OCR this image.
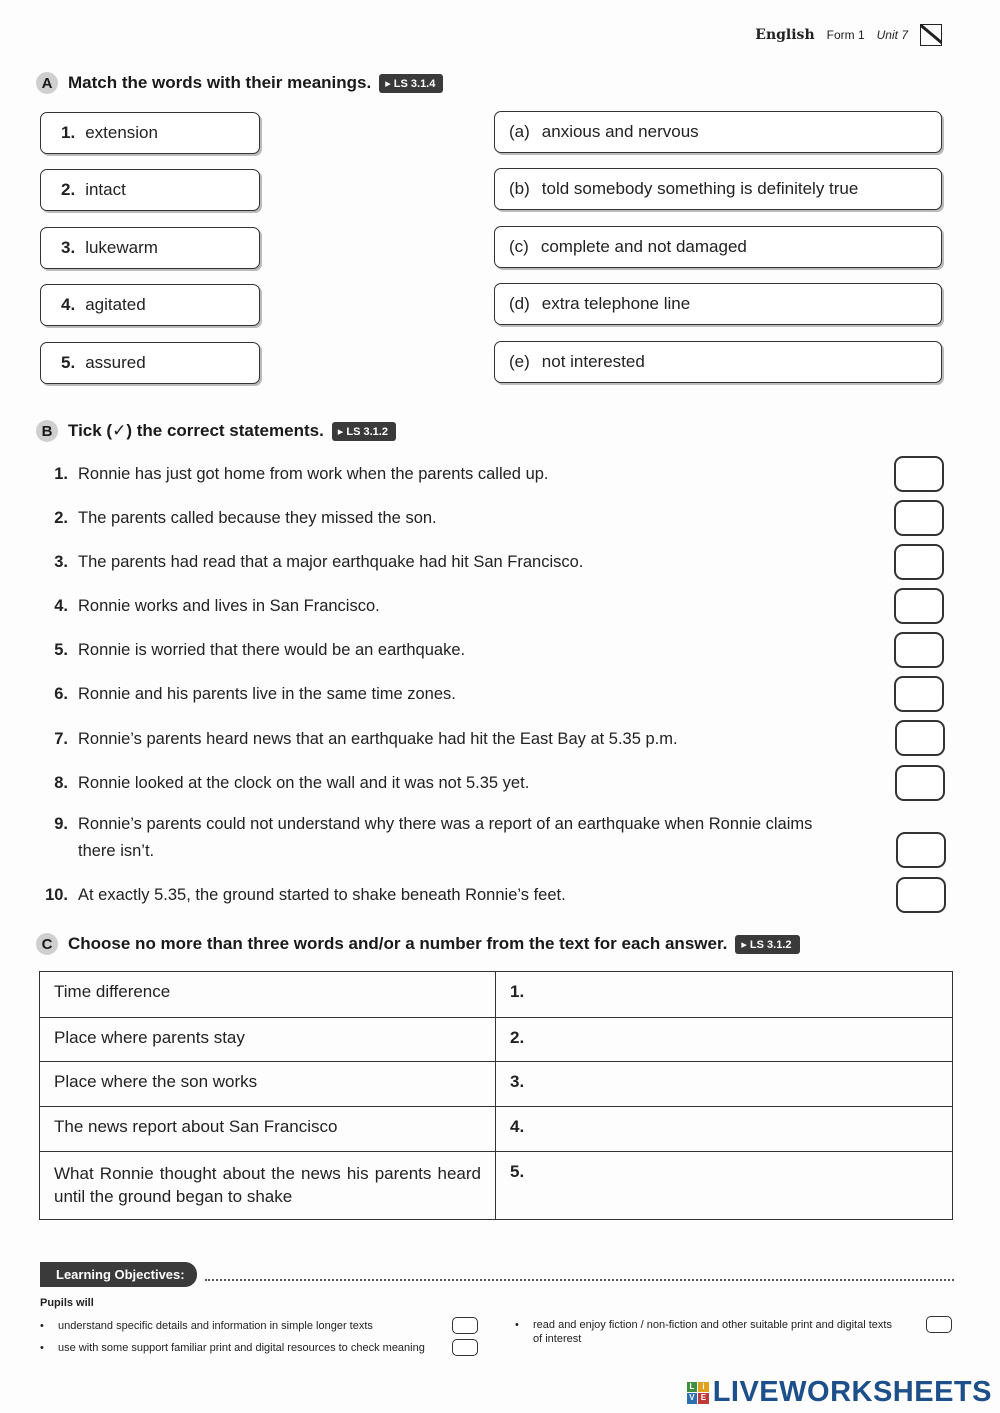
English Form 1 Unit 7
A Match the words with their meanings.	▸ LS 3.1.4
1. extension
2. intact
3. lukewarm
4. agitated
5. assured
(a) anxious and nervous
(b) told somebody something is definitely true
(c) complete and not damaged
(d) extra telephone line
(e) not interested
B Tick (✓) the correct statements.	▸ LS 3.1.2
1. Ronnie has just got home from work when the parents called up.
2. The parents called because they missed the son.
3. The parents had read that a major earthquake had hit San Francisco.
4. Ronnie works and lives in San Francisco.
5. Ronnie is worried that there would be an earthquake.
6. Ronnie and his parents live in the same time zones.
7. Ronnie’s parents heard news that an earthquake had hit the East Bay at 5.35 p.m.
8. Ronnie looked at the clock on the wall and it was not 5.35 yet.
9. Ronnie’s parents could not understand why there was a report of an earthquake when Ronnie claims there isn’t.
10. At exactly 5.35, the ground started to shake beneath Ronnie’s feet.
C Choose no more than three words and/or a number from the text for each answer.	▸ LS 3.1.2
Time difference	1.
Place where parents stay	2.
Place where the son works	3.
The news report about San Francisco	4.
What Ronnie thought about the news his parents heard until the ground began to shake	5.
Learning Objectives:
Pupils will
•	understand specific details and information in simple longer texts
•	use with some support familiar print and digital resources to check meaning
•	read and enjoy fiction / non-fiction and other suitable print and digital texts of interest
L i
V E LIVEWORKSHEETS
